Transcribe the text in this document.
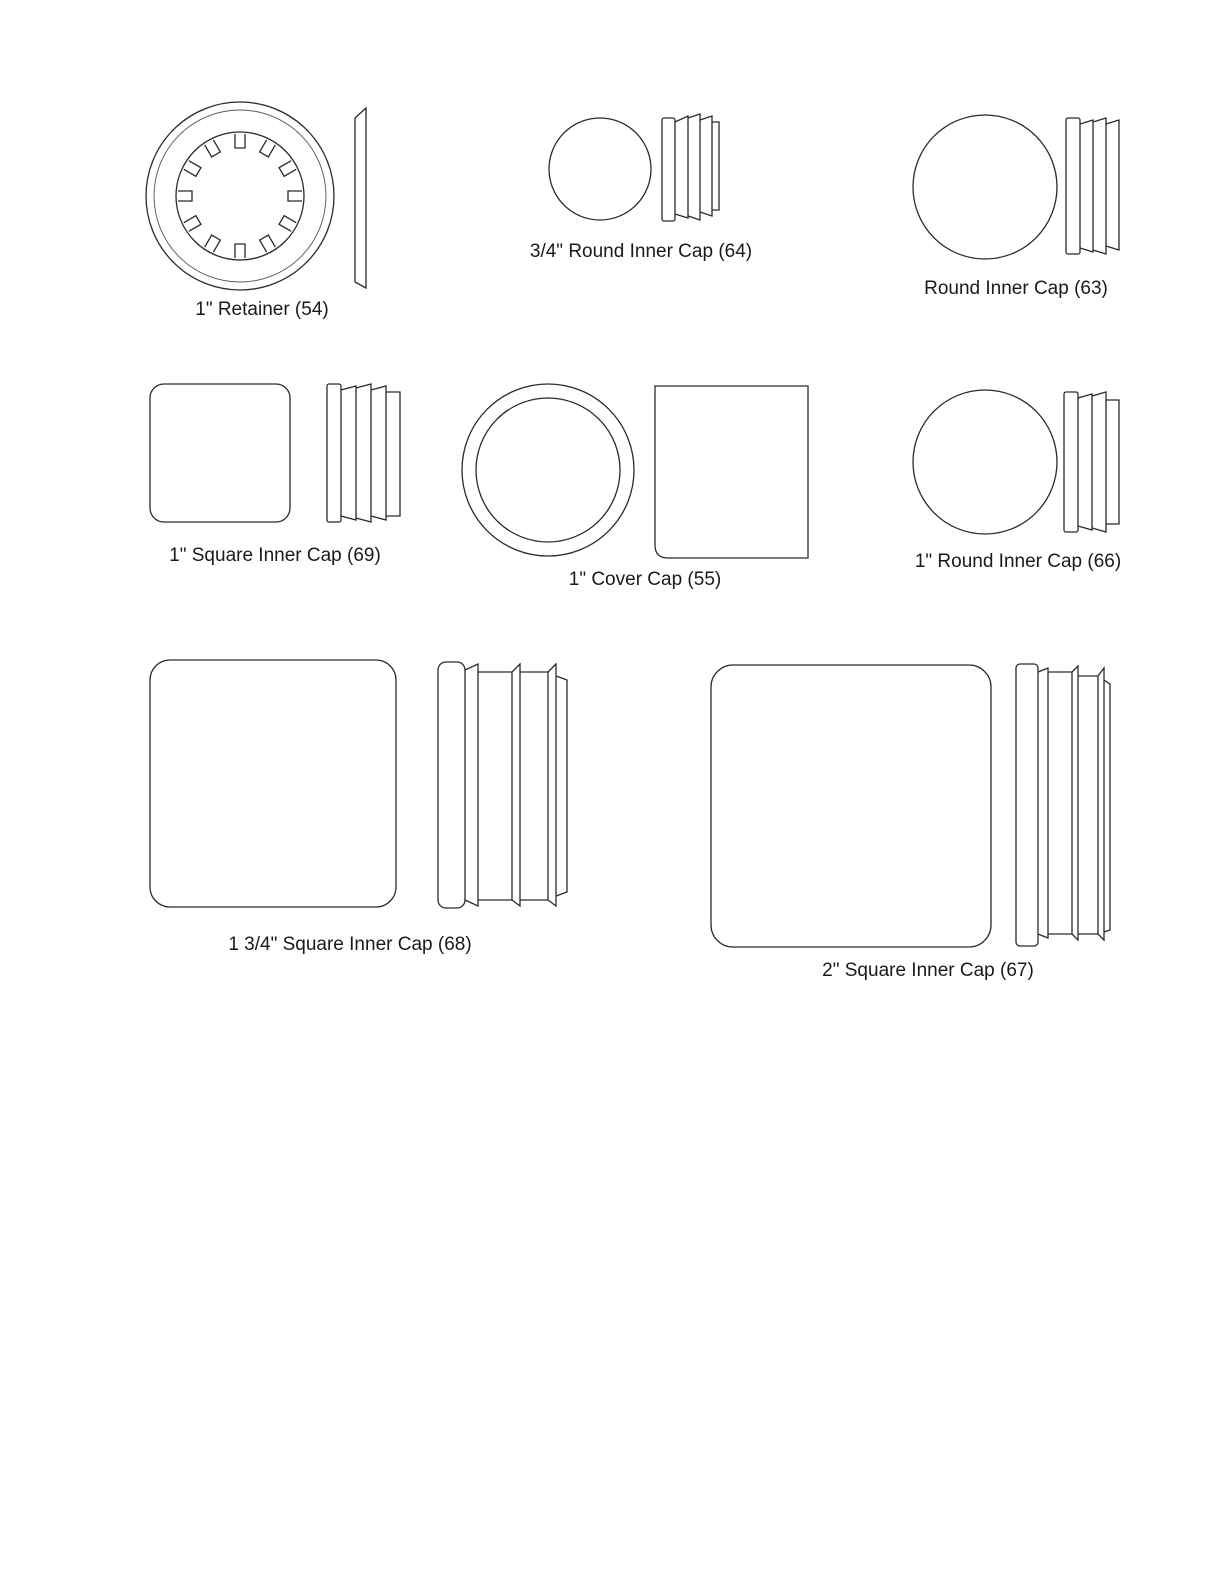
1" Retainer (54)
3/4" Round Inner Cap (64)
Round Inner Cap (63)
1" Square Inner Cap (69)
1" Cover Cap (55)
1" Round Inner Cap (66)
1 3/4" Square Inner Cap (68)
2" Square Inner Cap (67)
